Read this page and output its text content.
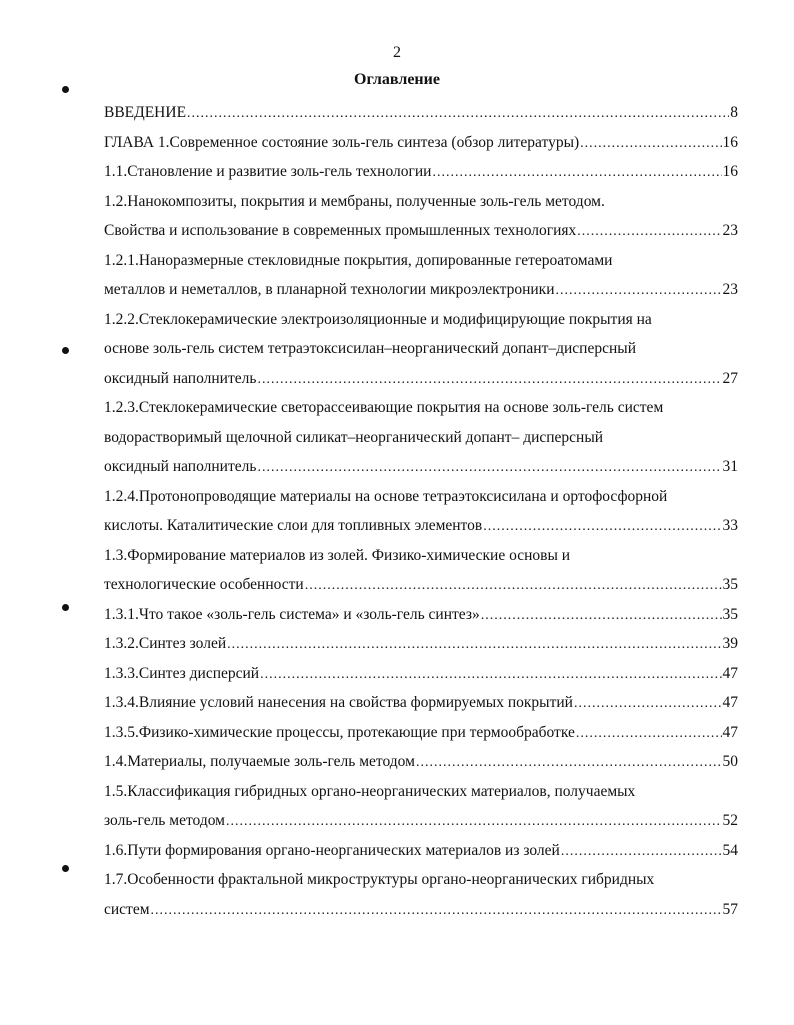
2
Оглавление
ВВЕДЕНИЕ .....	8
ГЛАВА 1.Современное состояние золь-гель синтеза (обзор литературы) .....	16
1.1.Становление и развитие золь-гель технологии .....	16
1.2.Нанокомпозиты, покрытия и мембраны, полученные золь-гель методом.
Свойства и использование в современных промышленных технологиях .....	23
1.2.1.Наноразмерные стекловидные покрытия, допированные гетероатомами
металлов и неметаллов, в планарной технологии микроэлектроники .....	23
1.2.2.Стеклокерамические электроизоляционные и модифицирующие покрытия на
основе золь-гель систем тетраэтоксисилан–неорганический допант–дисперсный
оксидный наполнитель .....	27
1.2.3.Стеклокерамические светорассеивающие покрытия на основе золь-гель систем
водорастворимый щелочной силикат–неорганический допант– дисперсный
оксидный наполнитель .....	31
1.2.4.Протонопроводящие материалы на основе тетраэтоксисилана и ортофосфорной
кислоты. Каталитические слои для топливных элементов .....	33
1.3.Формирование материалов из золей. Физико-химические основы и
технологические особенности .....	35
1.3.1.Что такое «золь-гель система» и «золь-гель синтез» .....	35
1.3.2.Синтез золей .....	39
1.3.3.Синтез дисперсий .....	47
1.3.4.Влияние условий нанесения на свойства формируемых покрытий .....	47
1.3.5.Физико-химические процессы, протекающие при термообработке .....	47
1.4.Материалы, получаемые золь-гель методом .....	50
1.5.Классификация гибридных органо-неорганических материалов, получаемых
золь-гель методом .....	52
1.6.Пути формирования органо-неорганических материалов из золей .....	54
1.7.Особенности фрактальной микроструктуры органо-неорганических гибридных
систем .....	57
